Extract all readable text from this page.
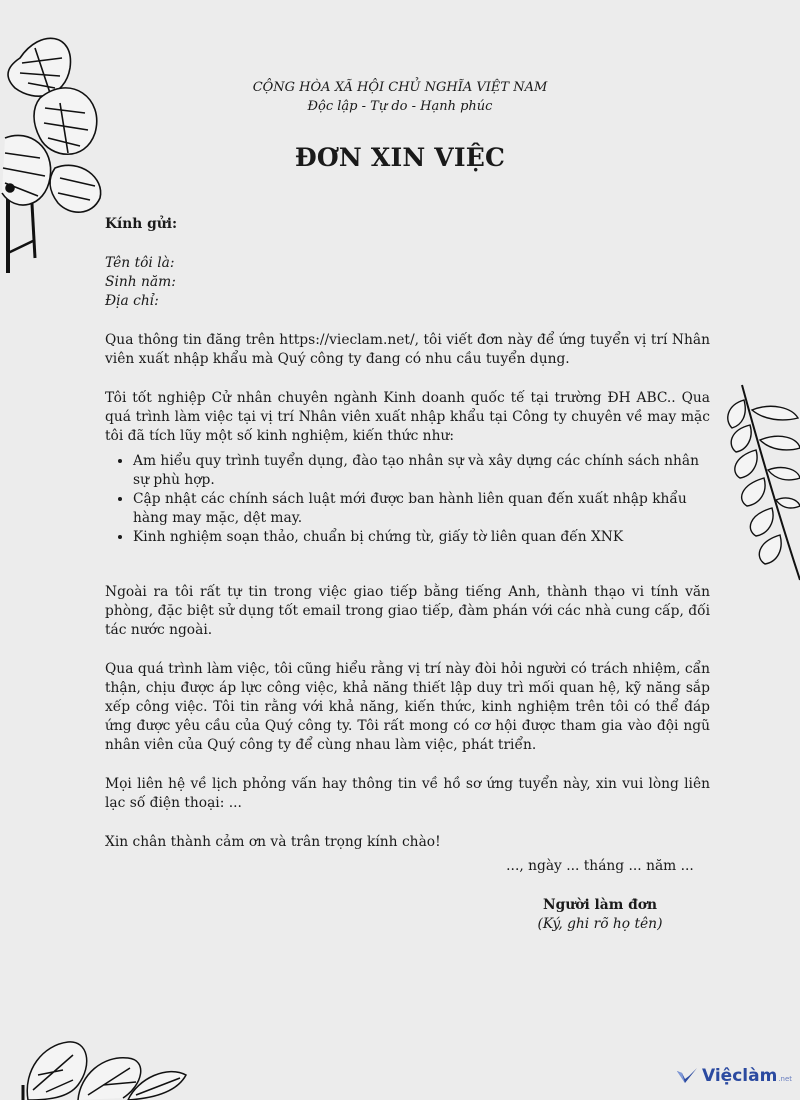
CỘNG HÒA XÃ HỘI CHỦ NGHĨA VIỆT NAM
Độc lập - Tự do - Hạnh phúc
ĐƠN XIN VIỆC

Kính gửi:

Tên tôi là:
Sinh năm:
Địa chỉ:

Qua thông tin đăng trên https://vieclam.net/, tôi viết đơn này để ứng tuyển vị trí Nhân viên xuất nhập khẩu mà Quý công ty đang có nhu cầu tuyển dụng.

Tôi tốt nghiệp Cử nhân chuyên ngành Kinh doanh quốc tế tại trường ĐH ABC.. Qua quá trình làm việc tại vị trí Nhân viên xuất nhập khẩu tại Công ty chuyên về may mặc tôi đã tích lũy một số kinh nghiệm, kiến thức như:

• Am hiểu quy trình tuyển dụng, đào tạo nhân sự và xây dựng các chính sách nhân sự phù hợp.
• Cập nhật các chính sách luật mới được ban hành liên quan đến xuất nhập khẩu hàng may mặc, dệt may.
• Kinh nghiệm soạn thảo, chuẩn bị chứng từ, giấy tờ liên quan đến XNK

Ngoài ra tôi rất tự tin trong việc giao tiếp bằng tiếng Anh, thành thạo vi tính văn phòng, đặc biệt sử dụng tốt email trong giao tiếp, đàm phán với các nhà cung cấp, đối tác nước ngoài.

Qua quá trình làm việc, tôi cũng hiểu rằng vị trí này đòi hỏi người có trách nhiệm, cẩn thận, chịu được áp lực công việc, khả năng thiết lập duy trì mối quan hệ, kỹ năng sắp xếp công việc. Tôi tin rằng với khả năng, kiến thức, kinh nghiệm trên tôi có thể đáp ứng được yêu cầu của Quý công ty. Tôi rất mong có cơ hội được tham gia vào đội ngũ nhân viên của Quý công ty để cùng nhau làm việc, phát triển.

Mọi liên hệ về lịch phỏng vấn hay thông tin về hồ sơ ứng tuyển này, xin vui lòng liên lạc số điện thoại: ...

Xin chân thành cảm ơn và trân trọng kính chào!

..., ngày ... tháng ... năm ...
Người làm đơn
(Ký, ghi rõ họ tên)
Việclàm .net
